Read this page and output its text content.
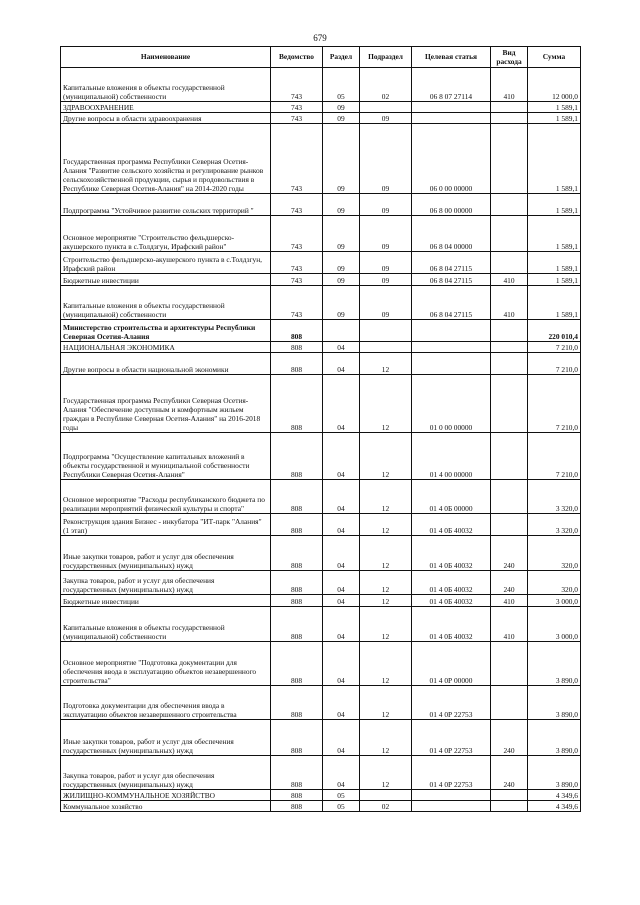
679
Наименование	Ведомство	Раздел	Подраздел	Целевая статья	Вид расхода	Сумма
Капитальные вложения в объекты государственной (муниципальной) собственности	743	05	02	06 8 07 27114	410	12 000,0
ЗДРАВООХРАНЕНИЕ	743	09				1 589,1
Другие вопросы в области здравоохранения	743	09	09			1 589,1
Государственная программа Республики Северная Осетия-Алания "Развитие сельского хозяйства и регулирование рынков сельскохозяйственной продукции, сырья и продовольствия в Республике Северная Осетия-Алания" на 2014-2020 годы	743	09	09	06 0 00 00000		1 589,1
Подпрограмма "Устойчивое развитие сельских территорий "	743	09	09	06 8 00 00000		1 589,1
Основное мероприятие "Строительство фельдшерско-акушерского пункта в с.Толдзгун, Ирафский район"	743	09	09	06 8 04 00000		1 589,1
Строительство фельдшерско-акушерского пункта в с.Толдзгун, Ирафский район	743	09	09	06 8 04 27115		1 589,1
Бюджетные инвестиции	743	09	09	06 8 04 27115	410	1 589,1
Капитальные вложения в объекты государственной (муниципальной) собственности	743	09	09	06 8 04 27115	410	1 589,1
Министерство строительства и архитектуры Республики Северная Осетия-Алания	808					220 010,4
НАЦИОНАЛЬНАЯ ЭКОНОМИКА	808	04				7 210,0
Другие вопросы в области национальной экономики	808	04	12			7 210,0
Государственная программа Республики Северная Осетия-Алания "Обеспечение доступным и комфортным жильем граждан в Республике Северная Осетия-Алания" на 2016-2018 годы	808	04	12	01 0 00 00000		7 210,0
Подпрограмма "Осуществление капитальных вложений в объекты государственной и муниципальной собственности Республики Северная Осетия-Алания"	808	04	12	01 4 00 00000		7 210,0
Основное мероприятие "Расходы республиканского бюджета по реализации мероприятий физической культуры и спорта"	808	04	12	01 4 0Б 00000		3 320,0
Реконструкция здания Бизнес - инкубатора "ИТ-парк "Алания" (1 этап)	808	04	12	01 4 0Б 40032		3 320,0
Иные закупки товаров, работ и услуг для обеспечения государственных (муниципальных) нужд	808	04	12	01 4 0Б 40032	240	320,0
Закупка товаров, работ и услуг для обеспечения государственных (муниципальных) нужд	808	04	12	01 4 0Б 40032	240	320,0
Бюджетные инвестиции	808	04	12	01 4 0Б 40032	410	3 000,0
Капитальные вложения в объекты государственной (муниципальной) собственности	808	04	12	01 4 0Б 40032	410	3 000,0
Основное мероприятие "Подготовка документации для обеспечения ввода в эксплуатацию объектов незавершенного строительства"	808	04	12	01 4 0Р 00000		3 890,0
Подготовка документации для обеспечения ввода в эксплуатацию объектов незавершенного строительства	808	04	12	01 4 0Р 22753		3 890,0
Иные закупки товаров, работ и услуг для обеспечения государственных (муниципальных) нужд	808	04	12	01 4 0Р 22753	240	3 890,0
Закупка товаров, работ и услуг для обеспечения государственных (муниципальных) нужд	808	04	12	01 4 0Р 22753	240	3 890,0
ЖИЛИЩНО-КОММУНАЛЬНОЕ ХОЗЯЙСТВО	808	05				4 349,6
Коммунальное хозяйство	808	05	02			4 349,6
